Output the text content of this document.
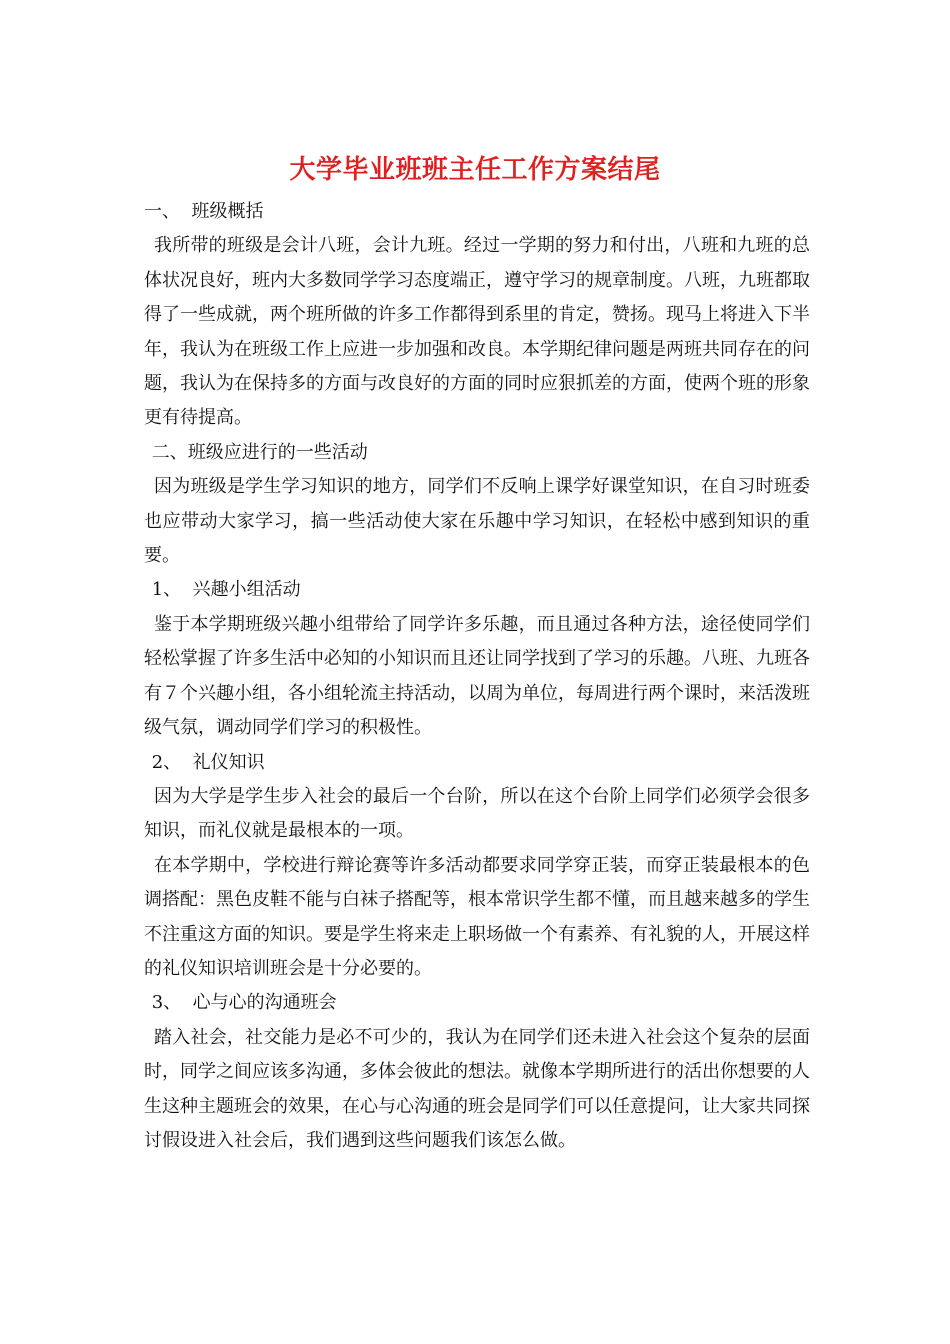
大学毕业班班主任工作方案结尾

一、  班级概括

我所带的班级是会计八班，会计九班。经过一学期的努力和付出，八班和九班的总体状况良好，班内大多数同学学习态度端正，遵守学习的规章制度。八班，九班都取得了一些成就，两个班所做的许多工作都得到系里的肯定，赞扬。现马上将进入下半年，我认为在班级工作上应进一步加强和改良。本学期纪律问题是两班共同存在的问题，我认为在保持多的方面与改良好的方面的同时应狠抓差的方面，使两个班的形象更有待提高。

二、班级应进行的一些活动

因为班级是学生学习知识的地方，同学们不反响上课学好课堂知识，在自习时班委也应带动大家学习，搞一些活动使大家在乐趣中学习知识，在轻松中感到知识的重要。

1、  兴趣小组活动

鉴于本学期班级兴趣小组带给了同学许多乐趣，而且通过各种方法，途径使同学们轻松掌握了许多生活中必知的小知识而且还让同学找到了学习的乐趣。八班、九班各有７个兴趣小组，各小组轮流主持活动，以周为单位，每周进行两个课时，来活泼班级气氛，调动同学们学习的积极性。

2、  礼仪知识

因为大学是学生步入社会的最后一个台阶，所以在这个台阶上同学们必须学会很多知识，而礼仪就是最根本的一项。

在本学期中，学校进行辩论赛等许多活动都要求同学穿正装，而穿正装最根本的色调搭配：黑色皮鞋不能与白袜子搭配等，根本常识学生都不懂，而且越来越多的学生不注重这方面的知识。要是学生将来走上职场做一个有素养、有礼貌的人，开展这样的礼仪知识培训班会是十分必要的。

3、  心与心的沟通班会

踏入社会，社交能力是必不可少的，我认为在同学们还未进入社会这个复杂的层面时，同学之间应该多沟通，多体会彼此的想法。就像本学期所进行的活出你想要的人生这种主题班会的效果，在心与心沟通的班会是同学们可以任意提问，让大家共同探讨假设进入社会后，我们遇到这些问题我们该怎么做。
